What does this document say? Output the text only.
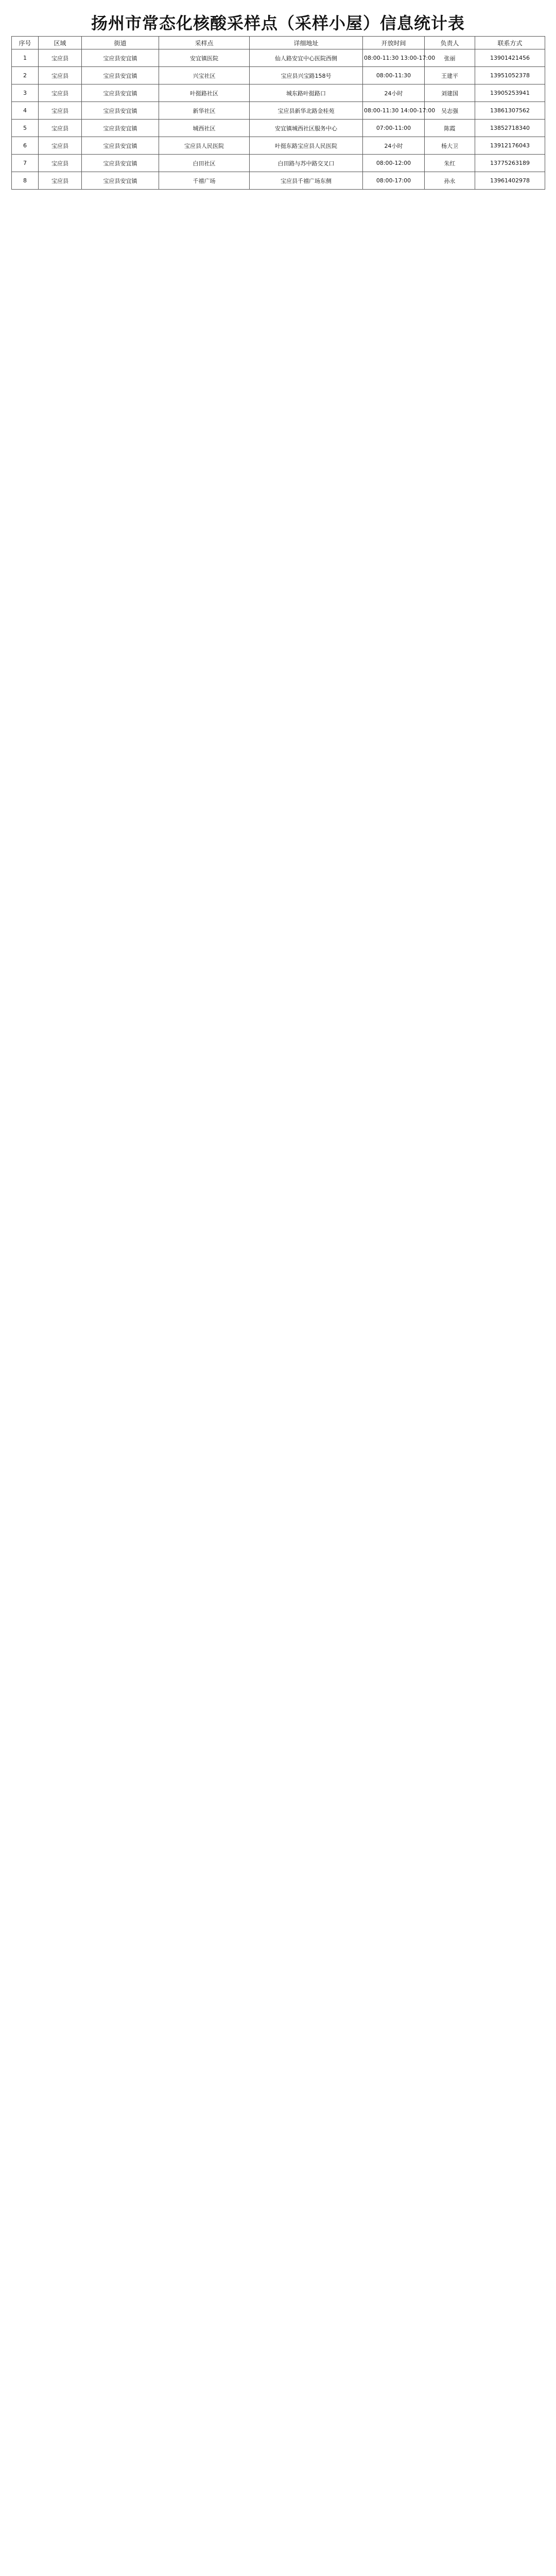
扬州市常态化核酸采样点（采样小屋）信息统计表
序号	区域	街道	采样点	详细地址	开放时间	负责人	联系方式
1	宝应县	宝应县安宜镇	安宜镇医院	仙人路安宜中心医院西侧	08:00-11:30 13:00-17:00	张丽	13901421456
2	宝应县	宝应县安宜镇	兴宝社区	宝应县兴宝路158号	08:00-11:30	王建平	13951052378
3	宝应县	宝应县安宜镇	叶挺路社区	城东路叶挺路口	24小时	刘建国	13905253941
4	宝应县	宝应县安宜镇	新华社区	宝应县新华北路金桂苑	08:00-11:30 14:00-17:00	吴志强	13861307562
5	宝应县	宝应县安宜镇	城西社区	安宜镇城西社区服务中心	07:00-11:00	陈霞	13852718340
6	宝应县	宝应县安宜镇	宝应县人民医院	叶挺东路宝应县人民医院	24小时	杨大卫	13912176043
7	宝应县	宝应县安宜镇	白田社区	白田路与苏中路交叉口	08:00-12:00	朱红	13775263189
8	宝应县	宝应县安宜镇	千禧广场	宝应县千禧广场东侧	08:00-17:00	孙永	13961402978
